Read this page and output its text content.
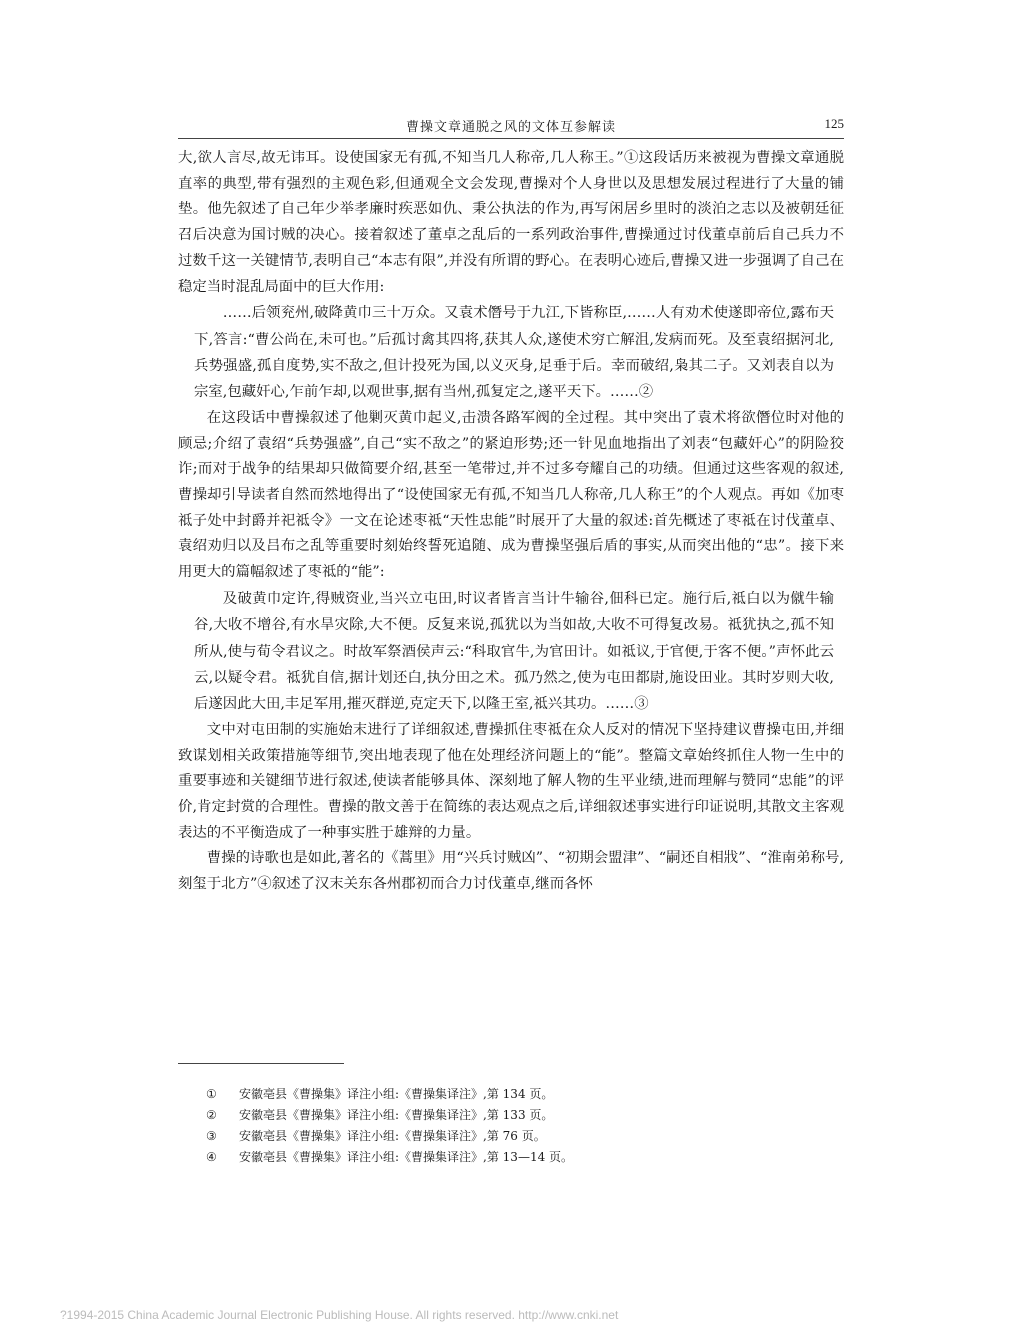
曹操文章通脱之风的文体互参解读	125

大,欲人言尽,故无讳耳。设使国家无有孤,不知当几人称帝,几人称王。”①这段话历来被视为曹操文章通脱直率的典型,带有强烈的主观色彩,但通观全文会发现,曹操对个人身世以及思想发展过程进行了大量的铺垫。他先叙述了自己年少举孝廉时疾恶如仇、秉公执法的作为,再写闲居乡里时的淡泊之志以及被朝廷征召后决意为国讨贼的决心。接着叙述了董卓之乱后的一系列政治事件,曹操通过讨伐董卓前后自己兵力不过数千这一关键情节,表明自己“本志有限”,并没有所谓的野心。在表明心迹后,曹操又进一步强调了自己在稳定当时混乱局面中的巨大作用:

……后领兖州,破降黄巾三十万众。又袁术僭号于九江,下皆称臣,……人有劝术使遂即帝位,露布天下,答言:“曹公尚在,未可也。”后孤讨禽其四将,获其人众,遂使术穷亡解沮,发病而死。及至袁绍据河北,兵势强盛,孤自度势,实不敌之,但计投死为国,以义灭身,足垂于后。幸而破绍,枭其二子。又刘表自以为宗室,包藏奸心,乍前乍却,以观世事,据有当州,孤复定之,遂平天下。……②

在这段话中曹操叙述了他剿灭黄巾起义,击溃各路军阀的全过程。其中突出了袁术将欲僭位时对他的顾忌;介绍了袁绍“兵势强盛”,自己“实不敌之”的紧迫形势;还一针见血地指出了刘表“包藏奸心”的阴险狡诈;而对于战争的结果却只做简要介绍,甚至一笔带过,并不过多夸耀自己的功绩。但通过这些客观的叙述,曹操却引导读者自然而然地得出了“设使国家无有孤,不知当几人称帝,几人称王”的个人观点。再如《加枣祗子处中封爵并祀祗令》一文在论述枣祗“天性忠能”时展开了大量的叙述:首先概述了枣祗在讨伐董卓、袁绍劝归以及吕布之乱等重要时刻始终誓死追随、成为曹操坚强后盾的事实,从而突出他的“忠”。接下来用更大的篇幅叙述了枣祗的“能”:

及破黄巾定许,得贼资业,当兴立屯田,时议者皆言当计牛输谷,佃科已定。施行后,祗白以为僦牛输谷,大收不增谷,有水旱灾除,大不便。反复来说,孤犹以为当如故,大收不可得复改易。祗犹执之,孤不知所从,使与荀令君议之。时故军祭酒侯声云:“科取官牛,为官田计。如祗议,于官便,于客不便。”声怀此云云,以疑令君。祗犹自信,据计划还白,执分田之术。孤乃然之,使为屯田都尉,施设田业。其时岁则大收,后遂因此大田,丰足军用,摧灭群逆,克定天下,以隆王室,祗兴其功。……③

文中对屯田制的实施始末进行了详细叙述,曹操抓住枣祗在众人反对的情况下坚持建议曹操屯田,并细致谋划相关政策措施等细节,突出地表现了他在处理经济问题上的“能”。整篇文章始终抓住人物一生中的重要事迹和关键细节进行叙述,使读者能够具体、深刻地了解人物的生平业绩,进而理解与赞同“忠能”的评价,肯定封赏的合理性。曹操的散文善于在简练的表达观点之后,详细叙述事实进行印证说明,其散文主客观表达的不平衡造成了一种事实胜于雄辩的力量。

曹操的诗歌也是如此,著名的《蒿里》用“兴兵讨贼凶”、“初期会盟津”、“嗣还自相戕”、“淮南弟称号,刻玺于北方”④叙述了汉末关东各州郡初而合力讨伐董卓,继而各怀

①	安徽亳县《曹操集》译注小组:《曹操集译注》,第 134 页。
②	安徽亳县《曹操集》译注小组:《曹操集译注》,第 133 页。
③	安徽亳县《曹操集》译注小组:《曹操集译注》,第 76 页。
④	安徽亳县《曹操集》译注小组:《曹操集译注》,第 13—14 页。
?1994-2015 China Academic Journal Electronic Publishing House. All rights reserved. http://www.cnki.net
